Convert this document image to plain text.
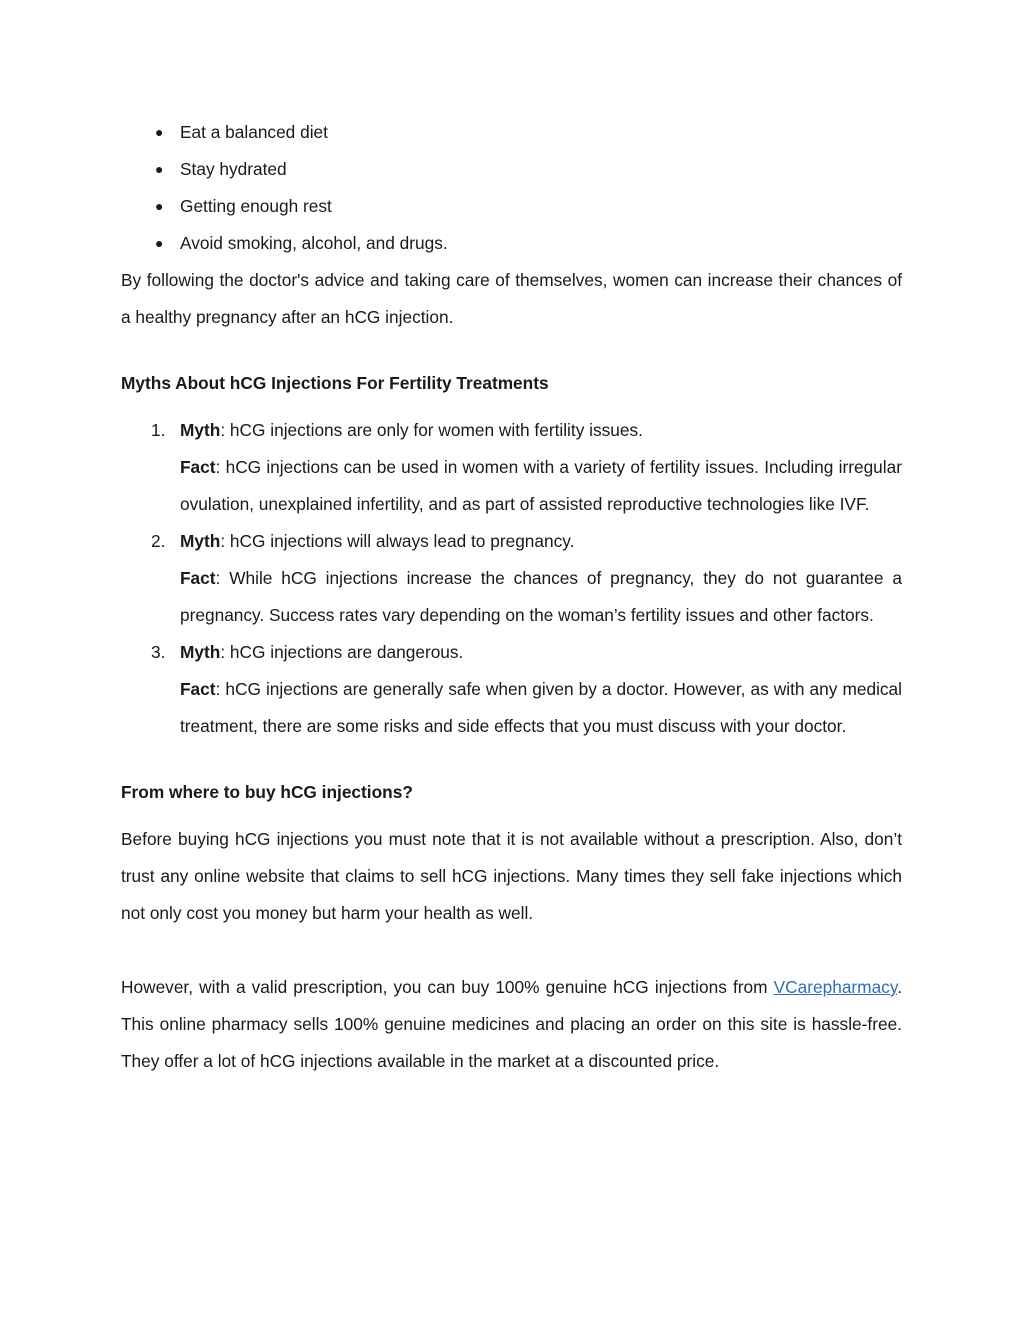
● Eat a balanced diet
● Stay hydrated
● Getting enough rest
● Avoid smoking, alcohol, and drugs.

By following the doctor's advice and taking care of themselves, women can increase their chances of a healthy pregnancy after an hCG injection.

Myths About hCG Injections For Fertility Treatments
1. Myth: hCG injections are only for women with fertility issues.
Fact: hCG injections can be used in women with a variety of fertility issues. Including irregular ovulation, unexplained infertility, and as part of assisted reproductive technologies like IVF.
2. Myth: hCG injections will always lead to pregnancy.
Fact: While hCG injections increase the chances of pregnancy, they do not guarantee a pregnancy. Success rates vary depending on the woman’s fertility issues and other factors.
3. Myth: hCG injections are dangerous.
Fact: hCG injections are generally safe when given by a doctor. However, as with any medical treatment, there are some risks and side effects that you must discuss with your doctor.
From where to buy hCG injections?

Before buying hCG injections you must note that it is not available without a prescription. Also, don’t trust any online website that claims to sell hCG injections. Many times they sell fake injections which not only cost you money but harm your health as well.

However, with a valid prescription, you can buy 100% genuine hCG injections from VCarepharmacy. This online pharmacy sells 100% genuine medicines and placing an order on this site is hassle-free. They offer a lot of hCG injections available in the market at a discounted price.
